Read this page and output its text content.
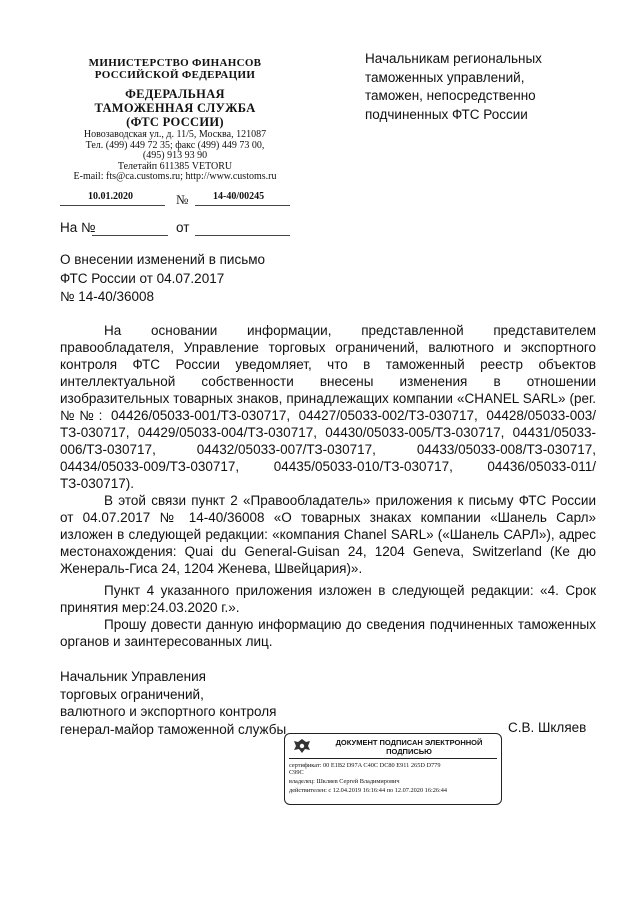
МИНИСТЕРСТВО ФИНАНСОВ
РОССИЙСКОЙ ФЕДЕРАЦИИ
ФЕДЕРАЛЬНАЯ
ТАМОЖЕННАЯ СЛУЖБА
(ФТС РОССИИ)
Новозаводская ул., д. 11/5, Москва, 121087
Тел. (499) 449 72 35; факс (499) 449 73 00,
(495) 913 93 90
Телетайп 611385 VETORU
E-mail: fts@ca.customs.ru; http://www.customs.ru
10.01.2020	№ 14-40/00245
На №	от
Начальникам региональных
таможенных управлений,
таможен, непосредственно
подчиненных ФТС России
О внесении изменений в письмо
ФТС России от 04.07.2017
№ 14-40/36008
На основании информации, представленной представителем правообладателя, Управление торговых ограничений, валютного и экспортного контроля ФТС России уведомляет, что в таможенный реестр объектов интеллектуальной собственности внесены изменения в отношении изобразительных товарных знаков, принадлежащих компании «CHANEL SARL» (рег. №№: 04426/05033-001/ТЗ-030717, 04427/05033-002/ТЗ-030717, 04428/05033-003/ТЗ-030717, 04429/05033-004/ТЗ-030717, 04430/05033-005/ТЗ-030717, 04431/05033-006/ТЗ-030717, 04432/05033-007/ТЗ-030717, 04433/05033-008/ТЗ-030717, 04434/05033-009/ТЗ-030717, 04435/05033-010/ТЗ-030717, 04436/05033-011/ТЗ-030717).
В этой связи пункт 2 «Правообладатель» приложения к письму ФТС России от 04.07.2017 № 14-40/36008 «О товарных знаках компании «Шанель Сарл» изложен в следующей редакции: «компания Chanel SARL» («Шанель САРЛ»), адрес местонахождения: Quai du General-Guisan 24, 1204 Geneva, Switzerland (Ке дю Женераль-Гиса 24, 1204 Женева, Швейцария)».
Пункт 4 указанного приложения изложен в следующей редакции: «4. Срок принятия мер:24.03.2020 г.».
Прошу довести данную информацию до сведения подчиненных таможенных органов и заинтересованных лиц.
Начальник Управления
торговых ограничений,
валютного и экспортного контроля
генерал-майор таможенной службы	С.В. Шкляев
ДОКУМЕНТ ПОДПИСАН ЭЛЕКТРОННОЙ
ПОДПИСЬЮ
сертификат: 00 E1B2 D97A C40C DC80 E911 265D D779
C99C
владелец: Шкляев Сергей Владимирович
действителен: с 12.04.2019 16:16:44 по 12.07.2020 16:26:44
